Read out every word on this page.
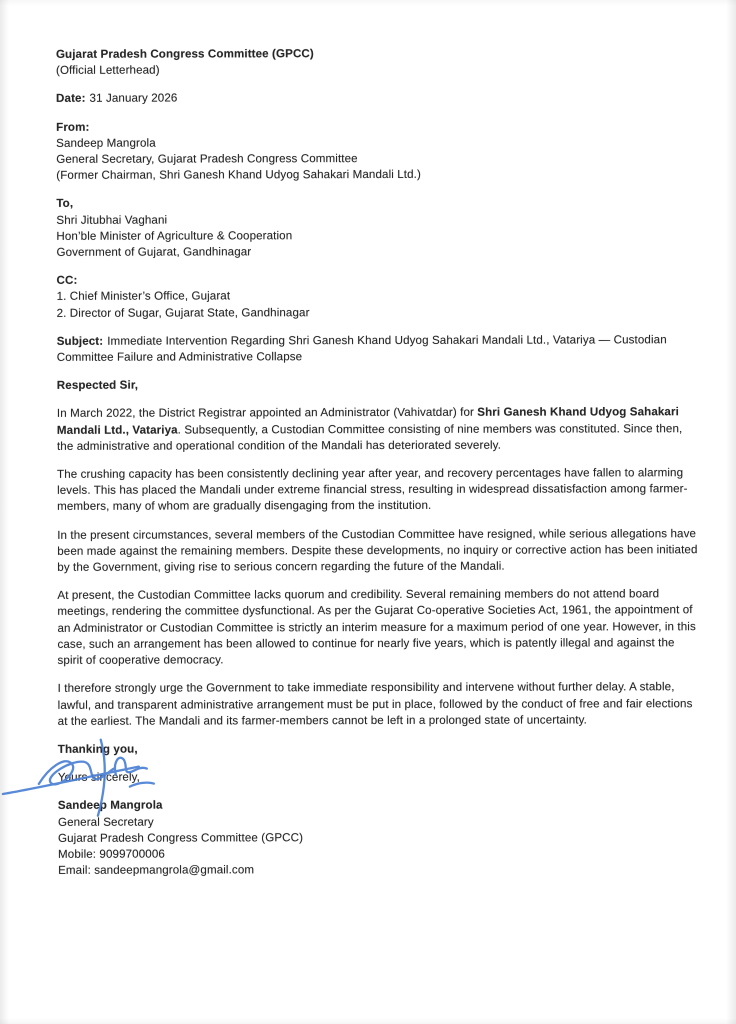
Gujarat Pradesh Congress Committee (GPCC)
(Official Letterhead)
Date: 31 January 2026
From:
Sandeep Mangrola
General Secretary, Gujarat Pradesh Congress Committee
(Former Chairman, Shri Ganesh Khand Udyog Sahakari Mandali Ltd.)
To,
Shri Jitubhai Vaghani
Hon’ble Minister of Agriculture & Cooperation
Government of Gujarat, Gandhinagar
CC:
1. Chief Minister’s Office, Gujarat
2. Director of Sugar, Gujarat State, Gandhinagar
Subject: Immediate Intervention Regarding Shri Ganesh Khand Udyog Sahakari Mandali Ltd., Vatariya — Custodian Committee Failure and Administrative Collapse
Respected Sir,
In March 2022, the District Registrar appointed an Administrator (Vahivatdar) for Shri Ganesh Khand Udyog Sahakari Mandali Ltd., Vatariya. Subsequently, a Custodian Committee consisting of nine members was constituted. Since then, the administrative and operational condition of the Mandali has deteriorated severely.
The crushing capacity has been consistently declining year after year, and recovery percentages have fallen to alarming levels. This has placed the Mandali under extreme financial stress, resulting in widespread dissatisfaction among farmer-members, many of whom are gradually disengaging from the institution.
In the present circumstances, several members of the Custodian Committee have resigned, while serious allegations have been made against the remaining members. Despite these developments, no inquiry or corrective action has been initiated by the Government, giving rise to serious concern regarding the future of the Mandali.
At present, the Custodian Committee lacks quorum and credibility. Several remaining members do not attend board meetings, rendering the committee dysfunctional. As per the Gujarat Co-operative Societies Act, 1961, the appointment of an Administrator or Custodian Committee is strictly an interim measure for a maximum period of one year. However, in this case, such an arrangement has been allowed to continue for nearly five years, which is patently illegal and against the spirit of cooperative democracy.
I therefore strongly urge the Government to take immediate responsibility and intervene without further delay. A stable, lawful, and transparent administrative arrangement must be put in place, followed by the conduct of free and fair elections at the earliest. The Mandali and its farmer-members cannot be left in a prolonged state of uncertainty.
Thanking you,
Yours sincerely,
Sandeep Mangrola
General Secretary
Gujarat Pradesh Congress Committee (GPCC)
Mobile: 9099700006
Email: sandeepmangrola@gmail.com
